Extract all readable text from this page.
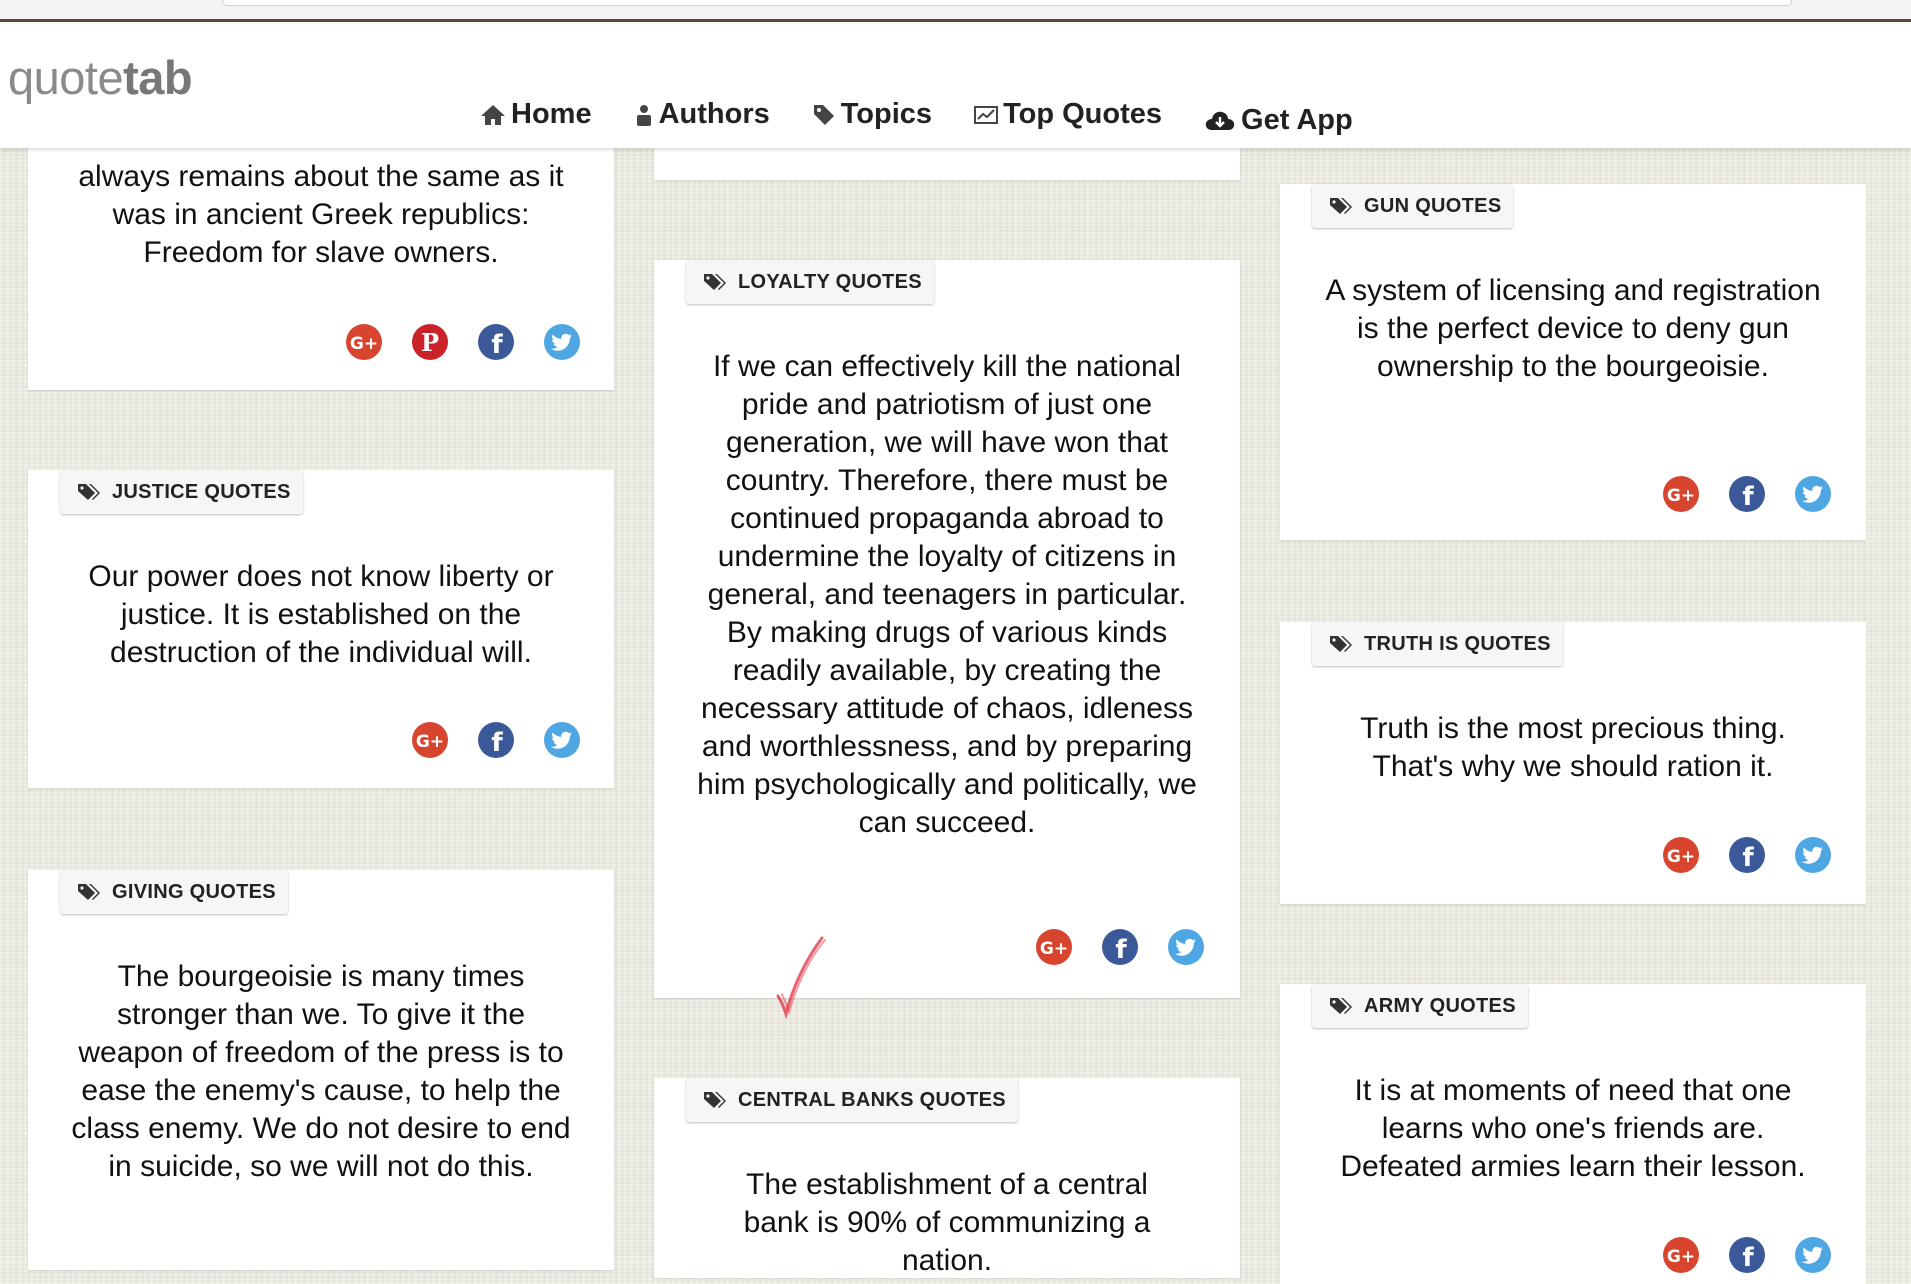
quotetab
Home Authors Topics Top Quotes	Get App

always remains about the same as it was in ancient Greek republics: Freedom for slave owners.

G+ P f
JUSTICE QUOTES

Our power does not know liberty or justice. It is established on the destruction of the individual will.

G+ f
GIVING QUOTES

The bourgeoisie is many times stronger than we. To give it the weapon of freedom of the press is to ease the enemy's cause, to help the class enemy. We do not desire to end in suicide, so we will not do this.

LOYALTY QUOTES

If we can effectively kill the national pride and patriotism of just one generation, we will have won that country. Therefore, there must be continued propaganda abroad to undermine the loyalty of citizens in general, and teenagers in particular. By making drugs of various kinds readily available, by creating the necessary attitude of chaos, idleness and worthlessness, and by preparing him psychologically and politically, we can succeed.

G+ f
CENTRAL BANKS QUOTES

The establishment of a central bank is 90% of communizing a nation.

GUN QUOTES

A system of licensing and registration is the perfect device to deny gun ownership to the bourgeoisie.

G+ f
TRUTH IS QUOTES

Truth is the most precious thing. That's why we should ration it.

G+ f
ARMY QUOTES

It is at moments of need that one learns who one's friends are. Defeated armies learn their lesson.

G+ f
